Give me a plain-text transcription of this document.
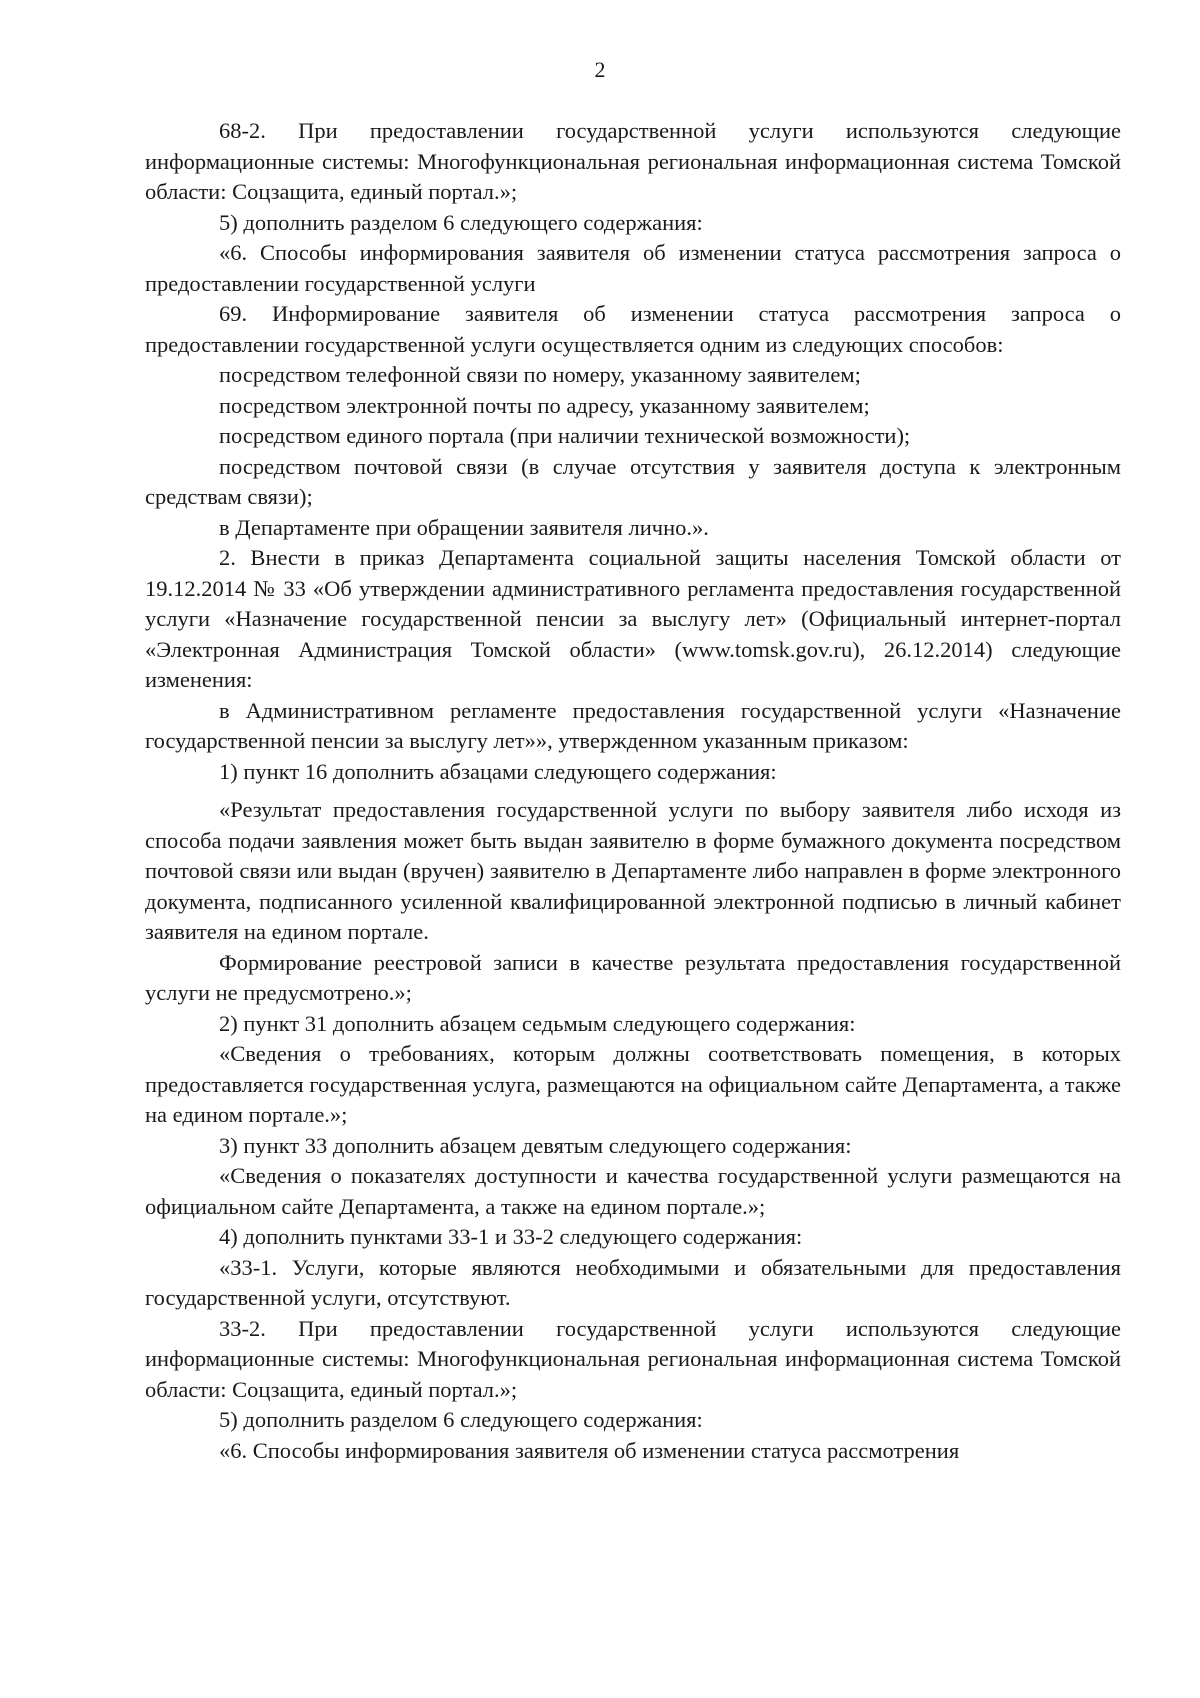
2

68-2. При предоставлении государственной услуги используются следующие информационные системы: Многофункциональная региональная информационная система Томской области: Соцзащита, единый портал.»;

5) дополнить разделом 6 следующего содержания:

«6. Способы информирования заявителя об изменении статуса рассмотрения запроса о предоставлении государственной услуги

69. Информирование заявителя об изменении статуса рассмотрения запроса о предоставлении государственной услуги осуществляется одним из следующих способов:

посредством телефонной связи по номеру, указанному заявителем;

посредством электронной почты по адресу, указанному заявителем;

посредством единого портала (при наличии технической возможности);

посредством почтовой связи (в случае отсутствия у заявителя доступа к электронным средствам связи);

в Департаменте при обращении заявителя лично.».

2. Внести в приказ Департамента социальной защиты населения Томской области от 19.12.2014 № 33 «Об утверждении административного регламента предоставления государственной услуги «Назначение государственной пенсии за выслугу лет» (Официальный интернет-портал «Электронная Администрация Томской области» (www.tomsk.gov.ru), 26.12.2014) следующие изменения:

в Административном регламенте предоставления государственной услуги «Назначение государственной пенсии за выслугу лет»», утвержденном указанным приказом:

1) пункт 16 дополнить абзацами следующего содержания:

«Результат предоставления государственной услуги по выбору заявителя либо исходя из способа подачи заявления может быть выдан заявителю в форме бумажного документа посредством почтовой связи или выдан (вручен) заявителю в Департаменте либо направлен в форме электронного документа, подписанного усиленной квалифицированной электронной подписью в личный кабинет заявителя на едином портале.

Формирование реестровой записи в качестве результата предоставления государственной услуги не предусмотрено.»;

2) пункт 31 дополнить абзацем седьмым следующего содержания:

«Сведения о требованиях, которым должны соответствовать помещения, в которых предоставляется государственная услуга, размещаются на официальном сайте Департамента, а также на едином портале.»;

3) пункт 33 дополнить абзацем девятым следующего содержания:

«Сведения о показателях доступности и качества государственной услуги размещаются на официальном сайте Департамента, а также на едином портале.»;

4) дополнить пунктами 33-1 и 33-2 следующего содержания:

«33-1. Услуги, которые являются необходимыми и обязательными для предоставления государственной услуги, отсутствуют.

33-2. При предоставлении государственной услуги используются следующие информационные системы: Многофункциональная региональная информационная система Томской области: Соцзащита, единый портал.»;

5) дополнить разделом 6 следующего содержания:

«6. Способы информирования заявителя об изменении статуса рассмотрения
